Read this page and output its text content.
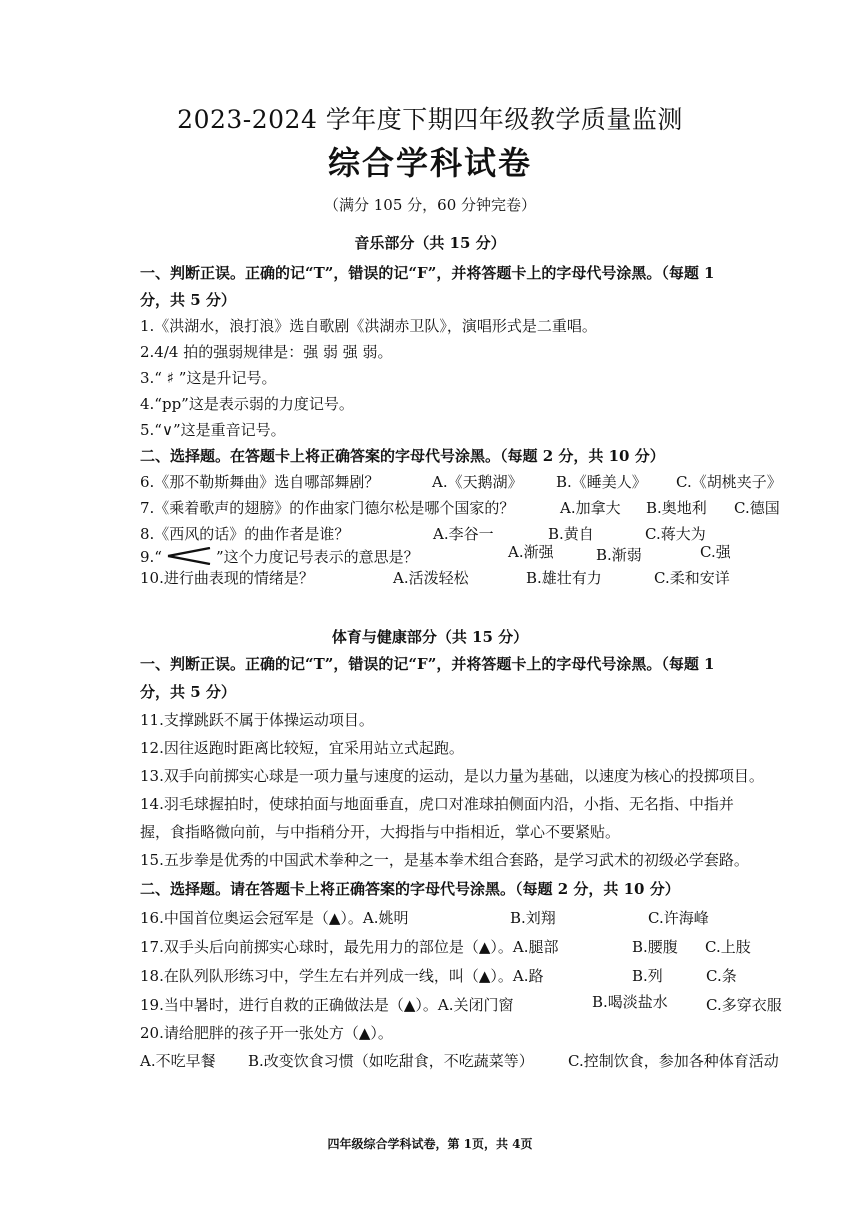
2023-2024 学年度下期四年级教学质量监测
综合学科试卷
（满分 105 分，60 分钟完卷）
音乐部分（共 15 分）
一、判断正误。正确的记“T”，错误的记“F”，并将答题卡上的字母代号涂黑。（每题 1
分，共 5 分）
1.《洪湖水，浪打浪》选自歌剧《洪湖赤卫队》，演唱形式是二重唱。
2.4/4 拍的强弱规律是：强 弱 强 弱。
3.“ ♯ ”这是升记号。
4.“pp”这是表示弱的力度记号。
5.“∨”这是重音记号。
二、选择题。在答题卡上将正确答案的字母代号涂黑。（每题 2 分，共 10 分）
6.《那不勒斯舞曲》选自哪部舞剧？	A.《天鹅湖》 B.《睡美人》 C.《胡桃夹子》
7.《乘着歌声的翅膀》的作曲家门德尔松是哪个国家的？	A.加拿大 B.奥地利 C.德国
8.《西风的话》的曲作者是谁？	A.李谷一	B.黄自	C.蒋大为
9.“	”这个力度记号表示的意思是？	A.渐强	B.渐弱	C.强
10.进行曲表现的情绪是？	A.活泼轻松	B.雄壮有力	C.柔和安详
体育与健康部分（共 15 分）
一、判断正误。正确的记“T”，错误的记“F”，并将答题卡上的字母代号涂黑。（每题 1
分，共 5 分）
11.支撑跳跃不属于体操运动项目。
12.因往返跑时距离比较短，宜采用站立式起跑。
13.双手向前掷实心球是一项力量与速度的运动，是以力量为基础，以速度为核心的投掷项目。
14.羽毛球握拍时，使球拍面与地面垂直，虎口对准球拍侧面内沿，小指、无名指、中指并
握，食指略微向前，与中指稍分开，大拇指与中指相近，掌心不要紧贴。
15.五步拳是优秀的中国武术拳种之一，是基本拳术组合套路，是学习武术的初级必学套路。
二、选择题。请在答题卡上将正确答案的字母代号涂黑。（每题 2 分，共 10 分）
16.中国首位奥运会冠军是（▲）。A.姚明	B.刘翔	C.许海峰
17.双手头后向前掷实心球时，最先用力的部位是（▲）。A.腿部	B.腰腹 C.上肢
18.在队列队形练习中，学生左右并列成一线，叫（▲）。A.路	B.列	C.条
19.当中暑时，进行自救的正确做法是（▲）。A.关闭门窗	B.喝淡盐水	C.多穿衣服
20.请给肥胖的孩子开一张处方（▲）。
A.不吃早餐 B.改变饮食习惯（如吃甜食，不吃蔬菜等） C.控制饮食，参加各种体育活动
四年级综合学科试卷，第 1页，共 4页
